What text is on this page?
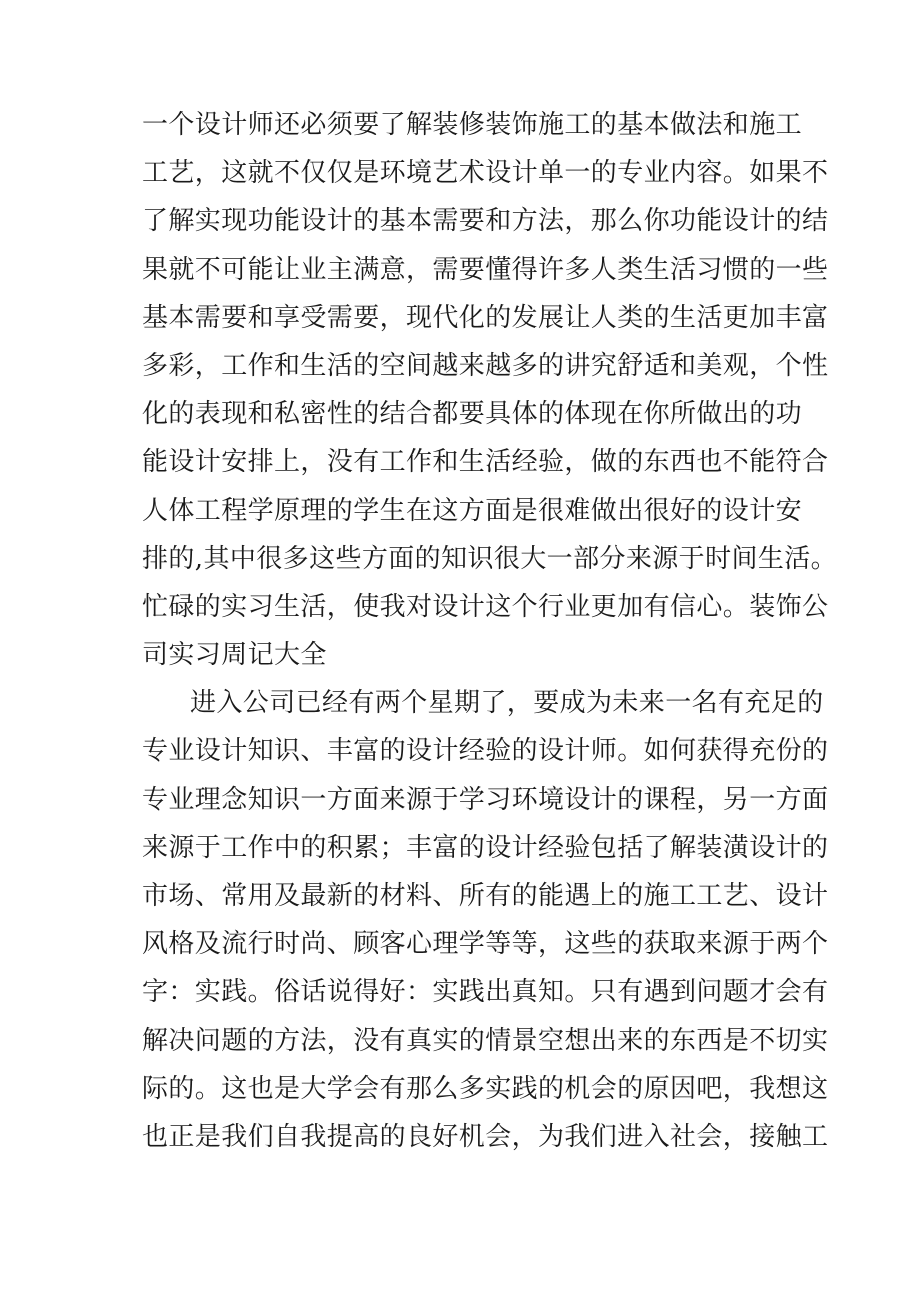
一个设计师还必须要了解装修装饰施工的基本做法和施工
工艺，这就不仅仅是环境艺术设计单一的专业内容。如果不
了解实现功能设计的基本需要和方法，那么你功能设计的结
果就不可能让业主满意，需要懂得许多人类生活习惯的一些
基本需要和享受需要，现代化的发展让人类的生活更加丰富
多彩，工作和生活的空间越来越多的讲究舒适和美观，个性
化的表现和私密性的结合都要具体的体现在你所做出的功
能设计安排上，没有工作和生活经验，做的东西也不能符合
人体工程学原理的学生在这方面是很难做出很好的设计安
排的,其中很多这些方面的知识很大一部分来源于时间生活。
忙碌的实习生活，使我对设计这个行业更加有信心。装饰公
司实习周记大全
进入公司已经有两个星期了，要成为未来一名有充足的
专业设计知识、丰富的设计经验的设计师。如何获得充份的
专业理念知识一方面来源于学习环境设计的课程，另一方面
来源于工作中的积累；丰富的设计经验包括了解装潢设计的
市场、常用及最新的材料、所有的能遇上的施工工艺、设计
风格及流行时尚、顾客心理学等等，这些的获取来源于两个
字：实践。俗话说得好：实践出真知。只有遇到问题才会有
解决问题的方法，没有真实的情景空想出来的东西是不切实
际的。这也是大学会有那么多实践的机会的原因吧，我想这
也正是我们自我提高的良好机会，为我们进入社会，接触工
